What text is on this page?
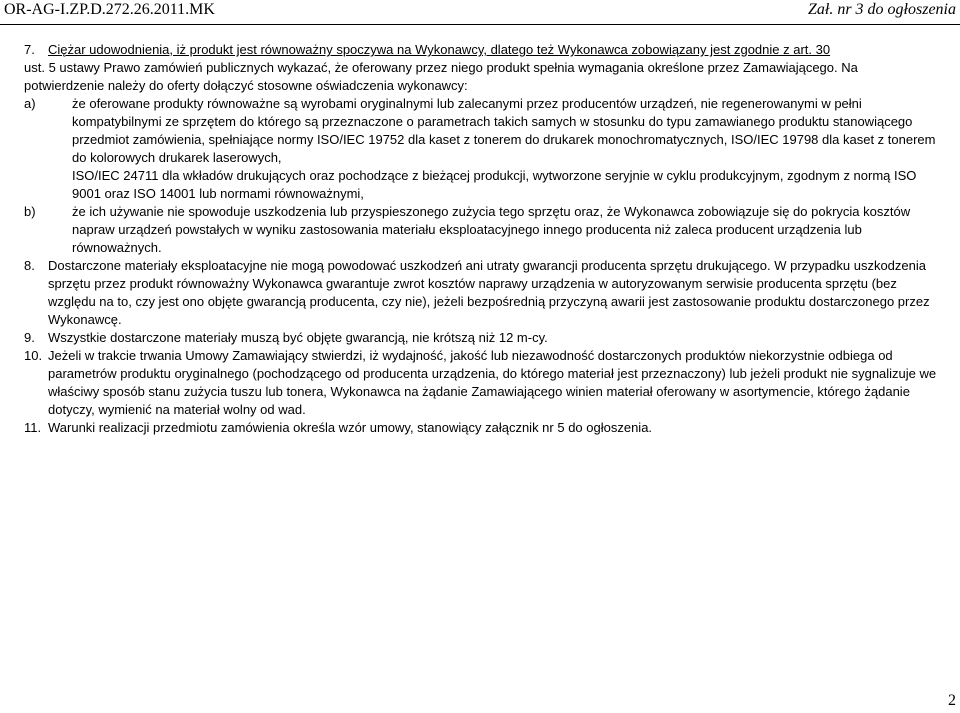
OR-AG-I.ZP.D.272.26.2011.MK	Zał. nr 3 do ogłoszenia
7. Ciężar udowodnienia, iż produkt jest równoważny spoczywa na Wykonawcy, dlatego też Wykonawca zobowiązany jest zgodnie z art. 30
ust. 5 ustawy Prawo zamówień publicznych wykazać, że oferowany przez niego produkt spełnia wymagania określone przez Zamawiającego. Na potwierdzenie należy do oferty dołączyć stosowne oświadczenia wykonawcy:
a)	że oferowane produkty równoważne są wyrobami oryginalnymi lub zalecanymi przez producentów urządzeń, nie regenerowanymi w pełni kompatybilnymi ze sprzętem do którego są przeznaczone o parametrach takich samych w stosunku do typu zamawianego produktu stanowiącego przedmiot zamówienia, spełniające normy ISO/IEC 19752 dla kaset z tonerem do drukarek monochromatycznych, ISO/IEC 19798 dla kaset z tonerem do kolorowych drukarek laserowych,
ISO/IEC 24711 dla wkładów drukujących oraz pochodzące z bieżącej produkcji, wytworzone seryjnie w cyklu produkcyjnym, zgodnym z normą ISO 9001 oraz ISO 14001 lub normami równoważnymi,
b)	że ich używanie nie spowoduje uszkodzenia lub przyspieszonego zużycia tego sprzętu oraz, że Wykonawca zobowiązuje się do pokrycia kosztów napraw urządzeń powstałych w wyniku zastosowania materiału eksploatacyjnego innego producenta niż zaleca producent urządzenia lub równoważnych.
8. Dostarczone materiały eksploatacyjne nie mogą powodować uszkodzeń ani utraty gwarancji producenta sprzętu drukującego. W przypadku uszkodzenia sprzętu przez produkt równoważny Wykonawca gwarantuje zwrot kosztów naprawy urządzenia w autoryzowanym serwisie producenta sprzętu (bez względu na to, czy jest ono objęte gwarancją producenta, czy nie), jeżeli bezpośrednią przyczyną awarii jest zastosowanie produktu dostarczonego przez Wykonawcę.
9. Wszystkie dostarczone materiały muszą być objęte gwarancją, nie krótszą niż 12 m-cy.
10. Jeżeli w trakcie trwania Umowy Zamawiający stwierdzi, iż wydajność, jakość lub niezawodność dostarczonych produktów niekorzystnie odbiega od parametrów produktu oryginalnego (pochodzącego od producenta urządzenia, do którego materiał jest przeznaczony) lub jeżeli produkt nie sygnalizuje we właściwy sposób stanu zużycia tuszu lub tonera, Wykonawca na żądanie Zamawiającego winien materiał oferowany w asortymencie, którego żądanie dotyczy, wymienić na materiał wolny od wad.
11. Warunki realizacji przedmiotu zamówienia określa wzór umowy, stanowiący załącznik nr 5 do ogłoszenia.
2
